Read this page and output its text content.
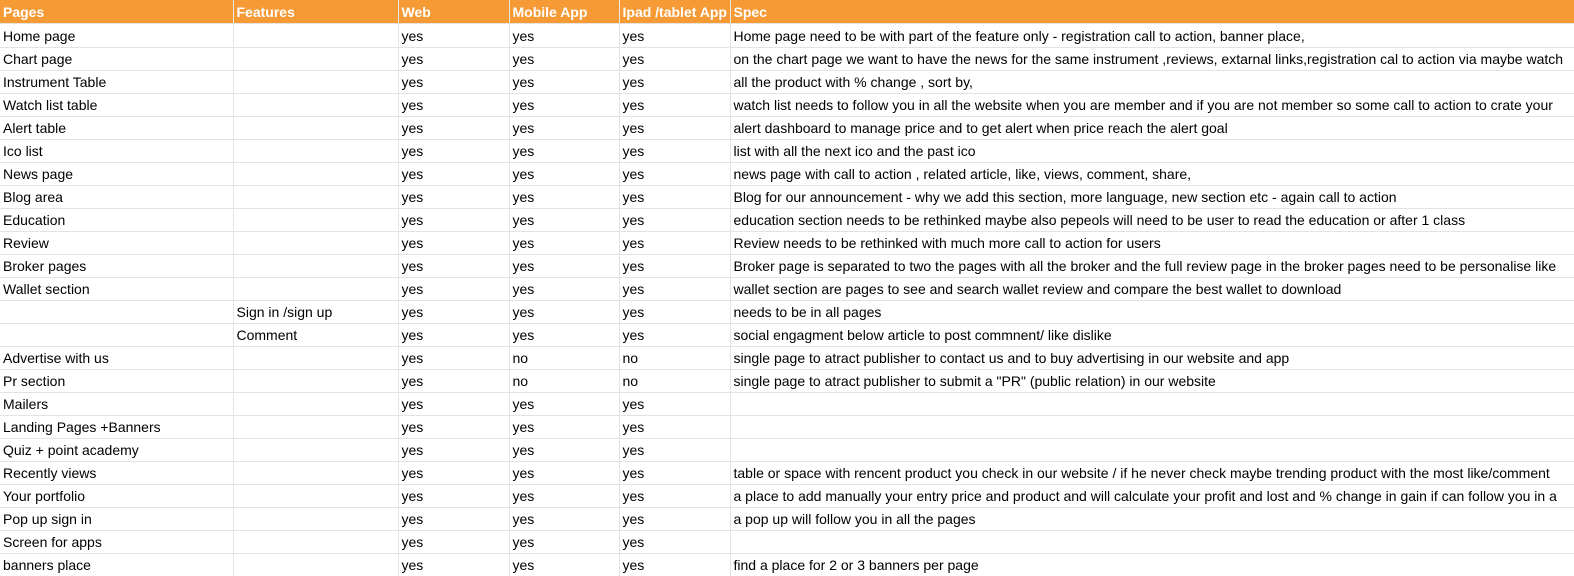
Pages	Features	Web	Mobile App	Ipad /tablet App	Spec
Home page		yes	yes	yes	Home page need to be with part of the feature only - registration call to action, banner place,
Chart page		yes	yes	yes	on the chart page we want to have the news for the same instrument ,reviews, extarnal links,registration cal to action via maybe watch
Instrument Table		yes	yes	yes	all the product with % change , sort by,
Watch list table		yes	yes	yes	watch list needs to follow you in all the website when you are member and if you are not member so some call to action to crate your
Alert table		yes	yes	yes	alert dashboard to manage price and to get alert when price reach the alert goal
Ico list		yes	yes	yes	list with all the next ico and the past ico
News page		yes	yes	yes	news page with call to action , related article, like, views, comment, share,
Blog area		yes	yes	yes	Blog for our announcement - why we add this section, more language, new section etc - again call to action
Education		yes	yes	yes	education section needs to be rethinked maybe also pepeols will need to be user to read the education or after 1 class
Review		yes	yes	yes	Review needs to be rethinked with much more call to action for users
Broker pages		yes	yes	yes	Broker page is separated to two the pages with all the broker and the full review page in the broker pages need to be personalise like
Wallet section		yes	yes	yes	wallet section are pages to see and search wallet review and compare the best wallet to download
	Sign in /sign up	yes	yes	yes	needs to be in all pages
	Comment	yes	yes	yes	social engagment below article to post commnent/ like dislike
Advertise with us		yes	no	no	single page to atract publisher to contact us and to buy advertising in our website and app
Pr section		yes	no	no	single page to atract publisher to submit a "PR" (public relation) in our website
Mailers		yes	yes	yes	
Landing Pages +Banners		yes	yes	yes	
Quiz + point academy		yes	yes	yes	
Recently views		yes	yes	yes	table or space with rencent product you check in our website / if he never check maybe trending product with the most like/comment
Your portfolio		yes	yes	yes	a place to add manually your entry price and product and will calculate your profit and lost and % change in gain if can follow you in a
Pop up sign in		yes	yes	yes	a pop up will follow you in all the pages
Screen for apps		yes	yes	yes	
banners place		yes	yes	yes	find a place for 2 or 3 banners per page
